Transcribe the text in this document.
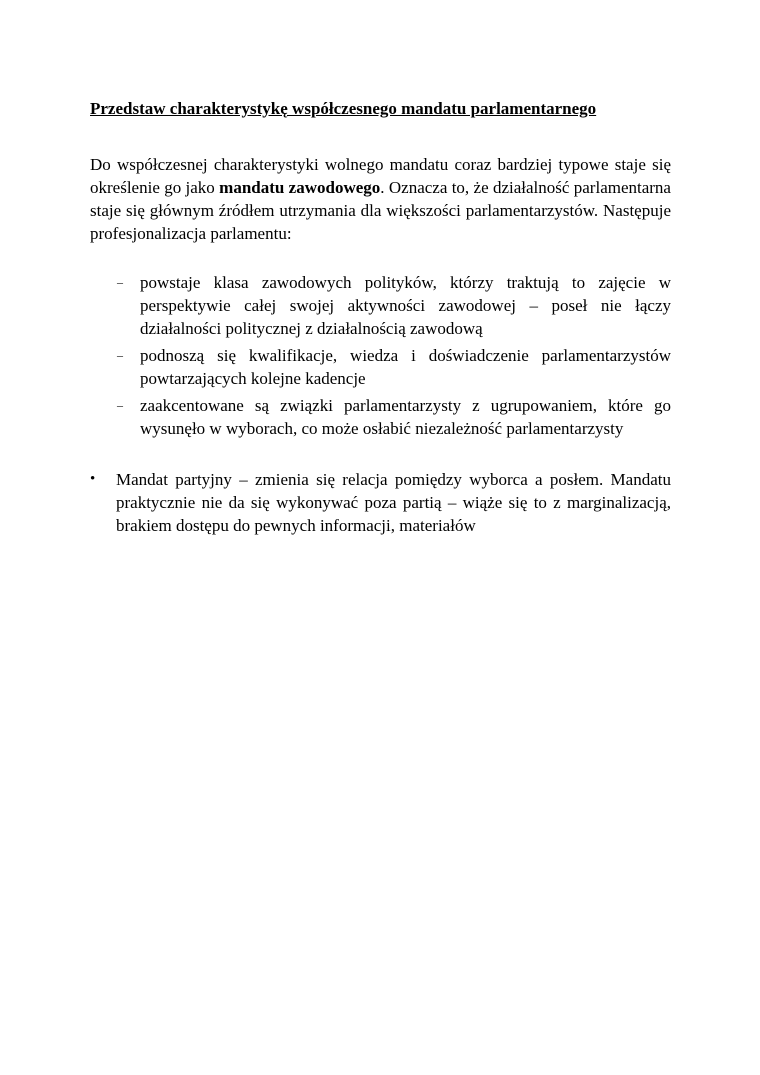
Przedstaw charakterystykę współczesnego mandatu parlamentarnego

Do współczesnej charakterystyki wolnego mandatu coraz bardziej typowe staje się określenie go jako mandatu zawodowego. Oznacza to, że działalność parlamentarna staje się głównym źródłem utrzymania dla większości parlamentarzystów. Następuje profesjonalizacja parlamentu:

– powstaje klasa zawodowych polityków, którzy traktują to zajęcie w perspektywie całej swojej aktywności zawodowej – poseł nie łączy działalności politycznej z działalnością zawodową
– podnoszą się kwalifikacje, wiedza i doświadczenie parlamentarzystów powtarzających kolejne kadencje
– zaakcentowane są związki parlamentarzysty z ugrupowaniem, które go wysunęło w wyborach, co może osłabić niezależność parlamentarzysty
• Mandat partyjny – zmienia się relacja pomiędzy wyborca a posłem. Mandatu praktycznie nie da się wykonywać poza partią – wiąże się to z marginalizacją, brakiem dostępu do pewnych informacji, materiałów
